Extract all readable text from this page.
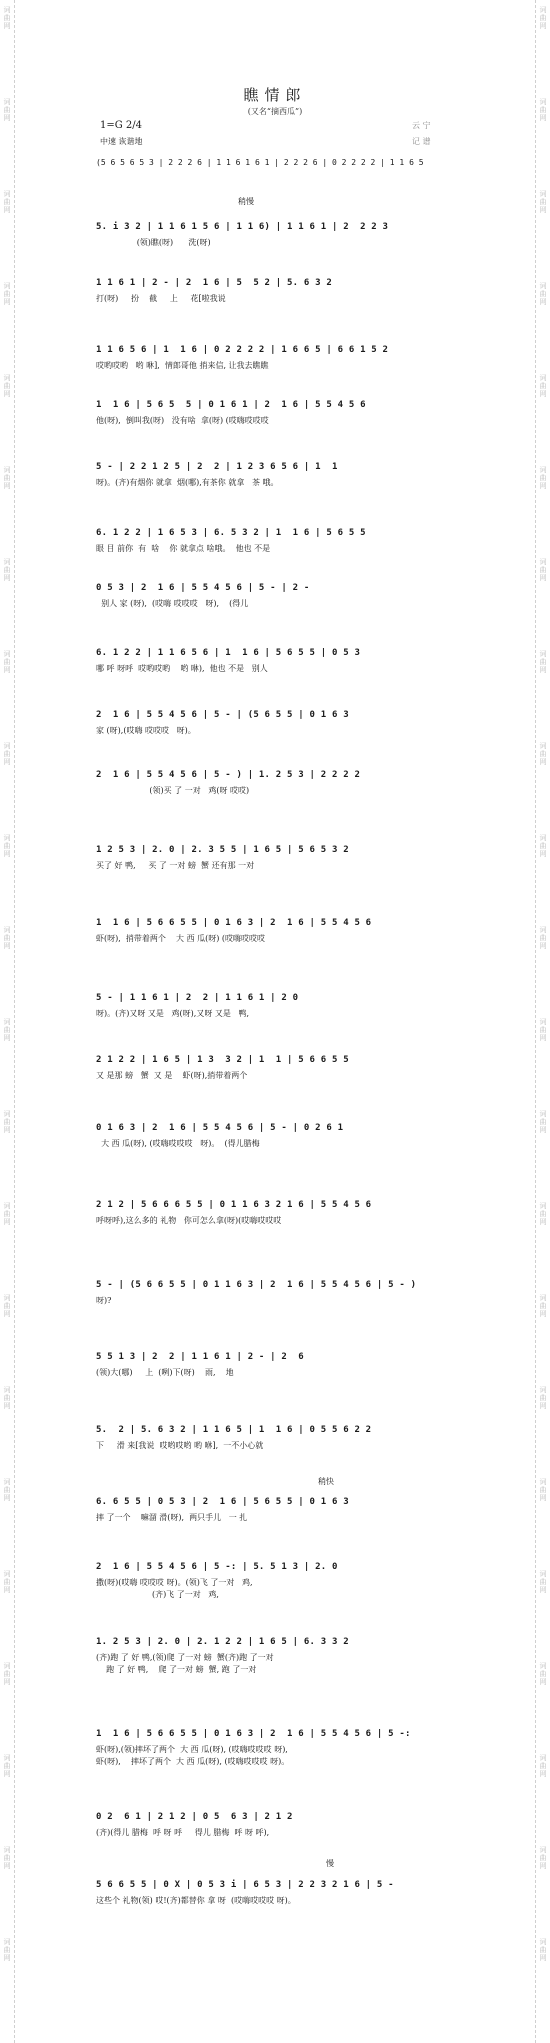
词
曲
网
词
曲
网
词
曲
网
词
曲
网
词
曲
网
词
曲
网
词
曲
网
词
曲
网
词
曲
网
词
曲
网
词
曲
网
词
曲
网
词
曲
网
词
曲
网
词
曲
网
词
曲
网
词
曲
网
词
曲
网
词
曲
网
词
曲
网
词
曲
网
词
曲
网
词
曲
网
词
曲
网
词
曲
网
词
曲
网
词
曲
网
词
曲
网
词
曲
网
词
曲
网
词
曲
网
词
曲
网
词
曲
网
词
曲
网
词
曲
网
词
曲
网
词
曲
网
词
曲
网
词
曲
网
词
曲
网
词
曲
网
词
曲
网
词
曲
网
词
曲
网
瞧情郎
(又名“摘西瓜”)
1=G 2/4
中速 诙谐地
云 宁
记 谱
(5 6 5 6 5 3 | 2 2 2 6 | 1 1 6 1 6 1 | 2 2 2 6 | 0 2 2 2 2 | 1 1 6 5
稍慢
稍快
慢
5. i 3 2 | 1 1 6 1 5 6 | 1 1 6) | 1 1 6 1 | 2  2 2 3
(领)瞧(呀)      洗(呀)
1 1 6 1 | 2 - | 2  1 6 | 5  5 2 | 5. 6 3 2
打(呀)     扮    截     上     花[啦我说
1 1 6 5 6 | 1  1 6 | 0 2 2 2 2 | 1 6 6 5 | 6 6 1 5 2
哎哟哎哟   哟 咻],  情郎哥他 捎来信, 让我去瞧瞧
1  1 6 | 5 6 5  5 | 0 1 6 1 | 2  1 6 | 5 5 4 5 6
他(呀),  倒叫我(呀)   没有啥  拿(呀) (哎嗨哎哎哎
5 - | 2 2 1 2 5 | 2  2 | 1 2 3 6 5 6 | 1  1
呀)。(齐)有烟你 就拿  烟(哪),有茶你 就拿   茶 哦。
6. 1 2 2 | 1 6 5 3 | 6. 5 3 2 | 1  1 6 | 5 6 5 5
眼 目 前你  有  啥    你 就拿点 啥哦。  他也 不是
0 5 3 | 2  1 6 | 5 5 4 5 6 | 5 - | 2 -
别人 家 (呀),  (哎嗨 哎哎哎   呀),    (得儿
6. 1 2 2 | 1 1 6 5 6 | 1  1 6 | 5 6 5 5 | 0 5 3
哪 呼 呀呼  哎哟哎哟    哟 咻),  他也 不是   别人
2  1 6 | 5 5 4 5 6 | 5 - | (5 6 5 5 | 0 1 6 3
家 (呀),(哎嗨 哎哎哎   呀)。
2  1 6 | 5 5 4 5 6 | 5 - ) | 1. 2 5 3 | 2 2 2 2
(领)买 了 一对   鸡(呀 哎哎)
1 2 5 3 | 2. 0 | 2. 3 5 5 | 1 6 5 | 5 6 5 3 2
买了 好 鸭,     买 了 一对 螃  蟹 还有那 一对
1  1 6 | 5 6 6 5 5 | 0 1 6 3 | 2  1 6 | 5 5 4 5 6
虾(呀),  捎带着两个    大 西 瓜(呀) (哎嗨哎哎哎
5 - | 1 1 6 1 | 2  2 | 1 1 6 1 | 2 0
呀)。(齐)又呀 又是   鸡(呀),又呀 又是   鸭,
2 1 2 2 | 1 6 5 | 1 3  3 2 | 1  1 | 5 6 6 5 5
又 是那 螃   蟹  又 是    虾(呀),捎带着两个
0 1 6 3 | 2  1 6 | 5 5 4 5 6 | 5 - | 0 2 6 1
大 西 瓜(呀), (哎嗨哎哎哎   呀)。  (得儿腊梅
2 1 2 | 5 6 6 6 5 5 | 0 1 1 6 3 2 1 6 | 5 5 4 5 6
呼呀呼),这么多的 礼物   你可怎么拿(呀)(哎嗨哎哎哎
5 - | (5 6 6 5 5 | 0 1 1 6 3 | 2  1 6 | 5 5 4 5 6 | 5 - )
呀)?
5 5 1 3 | 2  2 | 1 1 6 1 | 2 - | 2  6
(领)大(哪)     上  (咧)下(呀)    雨,    地
5.  2 | 5. 6 3 2 | 1 1 6 5 | 1  1 6 | 0 5 5 6 2 2
下     滑 来[我说  哎哟哎哟 哟 咻],  一不小心就
6. 6 5 5 | 0 5 3 | 2  1 6 | 5 6 5 5 | 0 1 6 3
摔 了一个    嘛溜 滑(呀),  两只手儿   一 扎
2  1 6 | 5 5 4 5 6 | 5 -: | 5. 5 1 3 | 2. 0
撒(呀)(哎嗨 哎哎哎 呀)。(领)飞 了一对   鸡,
(齐)飞 了一对   鸡,
1. 2 5 3 | 2. 0 | 2. 1 2 2 | 1 6 5 | 6. 3 3 2
(齐)跑 了 好 鸭,(领)爬 了一对 螃  蟹(齐)跑 了一对
跑 了 好 鸭,    爬 了一对 螃  蟹, 跑 了一对
1  1 6 | 5 6 6 5 5 | 0 1 6 3 | 2  1 6 | 5 5 4 5 6 | 5 -:
虾(呀),(领)摔坏了两个  大 西 瓜(呀), (哎嗨哎哎哎 呀),
虾(呀),    摔坏了两个  大 西 瓜(呀), (哎嗨哎哎哎 呀)。
0 2  6 1 | 2 1 2 | 0 5  6 3 | 2 1 2
(齐)(得儿 腊梅  呼 呀 呼     得儿 腊梅  呼 呀 呼),
5 6 6 5 5 | 0 X | 0 5 3 i | 6 5 3 | 2 2 3 2 1 6 | 5 -
这些个 礼物(领) 哎!(齐)都替你 拿 呀  (哎嗨哎哎哎 呀)。
